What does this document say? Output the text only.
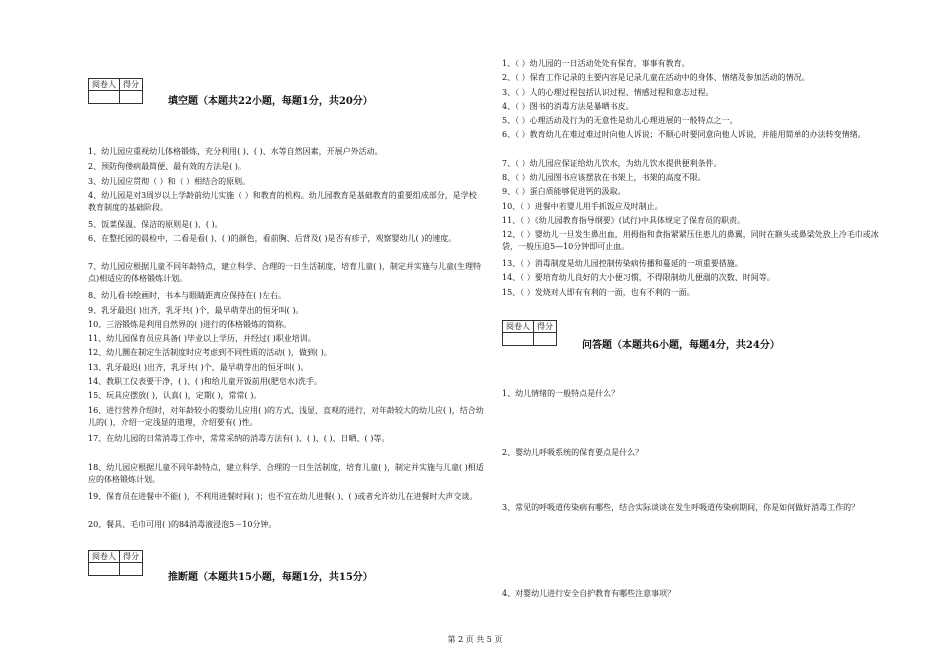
阅卷人	得分

填空题（本题共22小题，每题1分，共20分）

1、幼儿园应重视幼儿体格锻炼，充分利用( )、( )、水等自然因素，开展户外活动。

2、预防佝偻病最简便、最有效的方法是( )。

3、幼儿园应贯彻（ ）和（ ）相结合的原则。

4、幼儿园是对3周岁以上学龄前幼儿实施（ ）和教育的机构。幼儿园教育是基础教育的重要组成部分，是学校教育制度的基础阶段。

5、饭菜保温、保洁的原则是( )、( )。

6、在整托园的晨检中，二看是看( )、( )的颜色，看前胸、后背及( )是否有疹子，观察婴幼儿( )的速度。

7、幼儿园应根据儿童不同年龄特点，建立科学、合理的一日生活制度，培育儿童( )，制定并实施与儿童(生理特点)相适应的体格锻炼计划。

8、幼儿看书绘画时，书本与眼睛距离应保持在( )左右。

9、乳牙最迟( )出齐，乳牙共( )个，最早萌芽出的恒牙叫( )。

10、三浴锻炼是利用自然界的( )进行的体格锻炼的简称。

11、幼儿园保育员应具备( )毕业以上学历，并经过( )职业培训。

12、幼儿圜在制定生活制度时应考虑到不同性质的活动( )，做到( )。

13、乳牙最迟( )出齐，乳牙共( )个，最早萌芽出的恒牙叫( )。

14、教职工仪表要干净，( )、( )和给儿童开饭前用(肥皂水)洗手。

15、玩具应摆放( )，认真( )，定期( )，常常( )。

16、进行营养介绍时，对年龄较小的婴幼儿应用( )的方式、浅显、直观的进行，对年龄较大的幼儿应( )，结合幼儿的( )，介绍一定浅显的道理，介绍要有( )性。

17、在幼儿园的日常消毒工作中，常常采纳的消毒方法有( )、( )、( )、日晒、( )等。

18、幼儿园应根据儿童不同年龄特点，建立科学、合理的一日生活制度，培育儿童( )，制定并实施与儿童( )相适应的体格锻炼计划。

19、保育员在进餐中不能( )，不利用进餐时间( )；也不宜在幼儿进餐( )、( )或者允许幼儿在进餐时大声交谈。

20、餐具、毛巾可用( )的84消毒液浸泡5－10分钟。

阅卷人	得分

推断题（本题共15小题，每题1分，共15分）

1、（ ）幼儿园的一日活动处处有保育，事事有教育。

2、（ ）保育工作记录的主要内容是记录儿童在活动中的身体、情绪及参加活动的情况。

3、（ ）人的心理过程包括认识过程、情感过程和意志过程。

4、（ ）图书的消毒方法是暴晒书皮。

5、（ ）心理活动及行为的无意性是幼儿心理进展的一般特点之一。

6、（ ）教育幼儿在难过难过时向他人诉说；不顺心时要同意向他人诉说，并能用简单的办法转变情绪。

7、（ ）幼儿园应保证给幼儿饮水，为幼儿饮水提供便利条件。

8、（ ）幼儿园图书应该摆放在书架上，书架的高度不限。

9、（ ）蛋白质能够促进钙的汲取。

10、（ ）进餐中若婴儿用手抓饭应及时制止。

11、（ ）《幼儿园教育指导纲要》(试行)中具体规定了保育员的职责。

12、（ ）婴幼儿一旦发生鼻出血，用拇指和食指紧紧压住患儿的鼻翼，同时在额头或鼻梁处放上冷毛巾或冰袋，一般压迫5—10分钟即可止血。

13、（ ）消毒制度是幼儿园控制传染病传播和蔓延的一项重要措施。

14、（ ）要培育幼儿良好的大小便习惯，不得限制幼儿便溺的次数、时间等。

15、（ ）发烧对人即有有利的一面，也有不利的一面。

阅卷人	得分

问答题（本题共6小题，每题4分，共24分）

1、幼儿情绪的一般特点是什么？

2、婴幼儿呼吸系统的保育要点是什么？

3、常见的呼吸道传染病有哪些，结合实际谈谈在发生呼吸道传染病期间，你是如何做好消毒工作的？

4、对婴幼儿进行安全自护教育有哪些注意事项？

第 2 页 共 5 页
